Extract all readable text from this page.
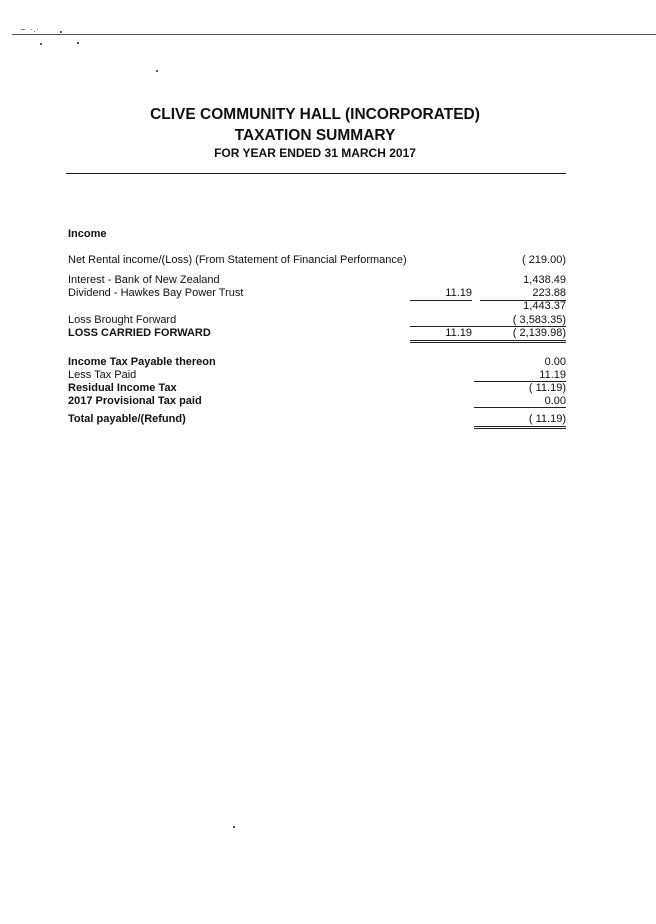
~ ·.·
CLIVE COMMUNITY HALL (INCORPORATED)
TAXATION SUMMARY
FOR YEAR ENDED 31 MARCH 2017
Income
Net Rental income/(Loss) (From Statement of Financial Performance)	( 219.00)
Interest - Bank of New Zealand	1,438.49
Dividend - Hawkes Bay Power Trust	11.19	223.88
1,443.37
Loss Brought Forward	( 3,583.35)
LOSS CARRIED FORWARD	11.19	( 2,139.98)
Income Tax Payable thereon	0.00
Less Tax Paid	11.19
Residual Income Tax	( 11.19)
2017 Provisional Tax paid	0.00
Total payable/(Refund)	( 11.19)
